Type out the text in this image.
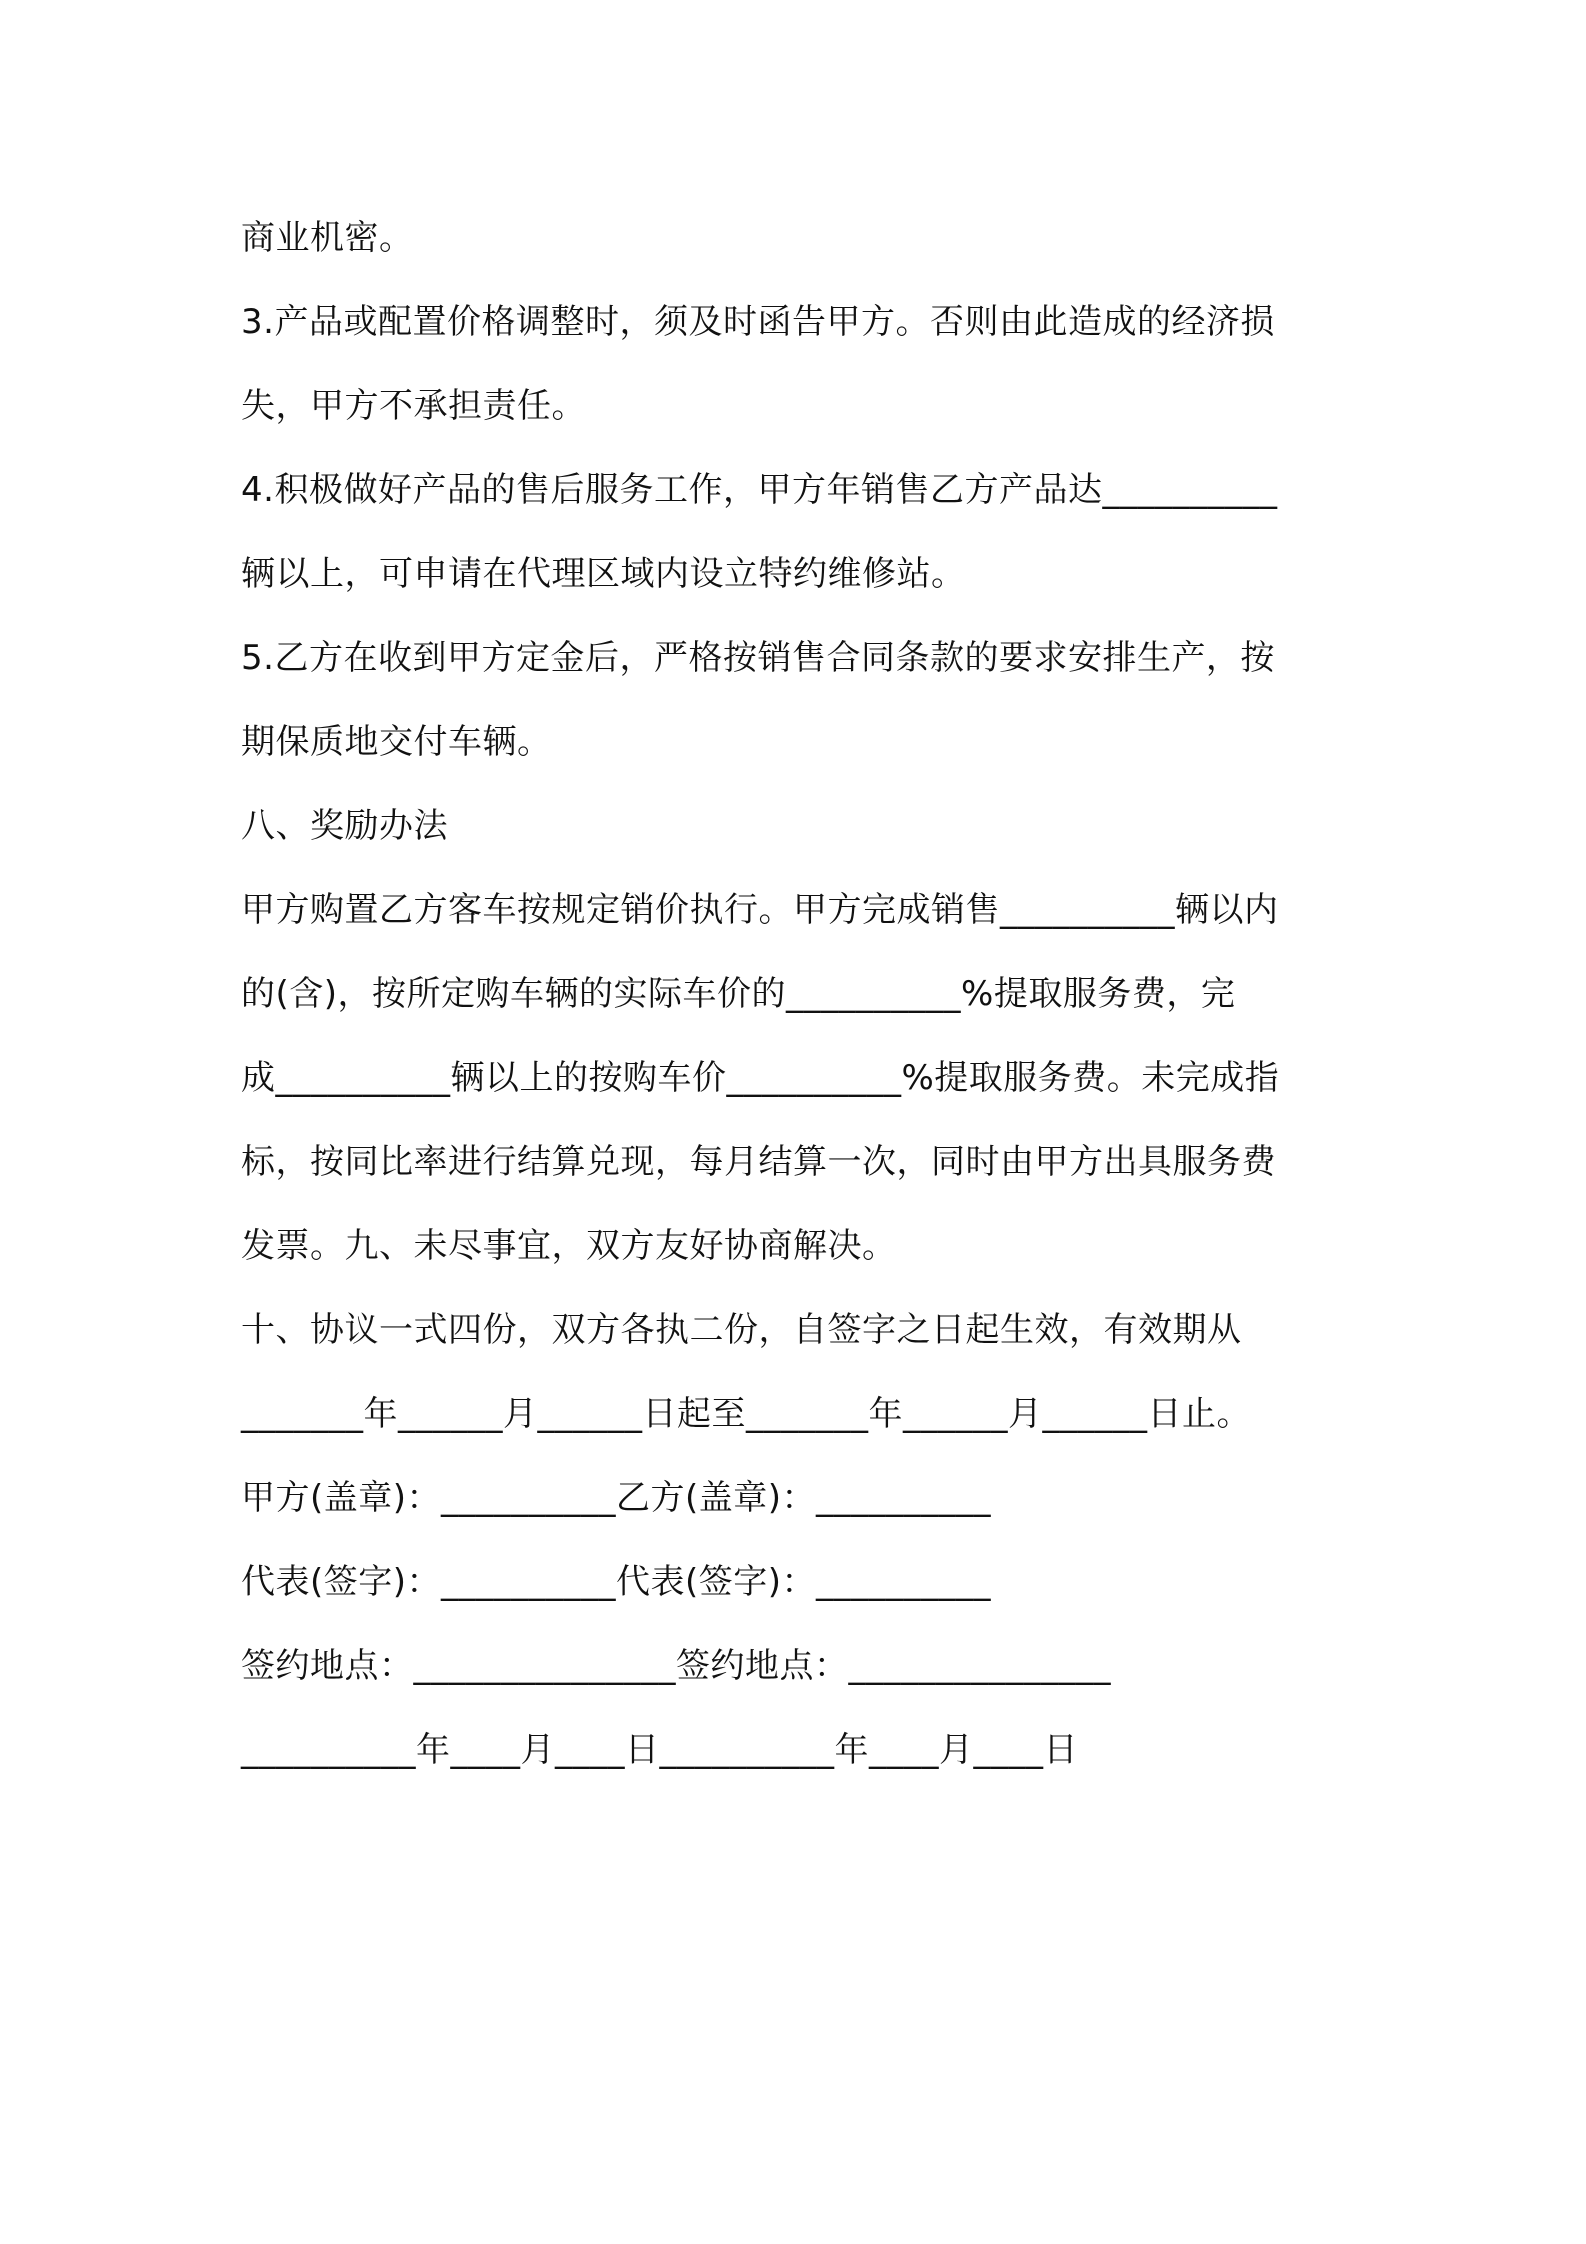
商业机密。
3.产品或配置价格调整时，须及时函告甲方。否则由此造成的经济损
失，甲方不承担责任。
4.积极做好产品的售后服务工作，甲方年销售乙方产品达__________
辆以上，可申请在代理区域内设立特约维修站。
5.乙方在收到甲方定金后，严格按销售合同条款的要求安排生产，按
期保质地交付车辆。
八、奖励办法
甲方购置乙方客车按规定销价执行。甲方完成销售__________辆以内
的(含)，按所定购车辆的实际车价的__________%提取服务费，完
成__________辆以上的按购车价__________%提取服务费。未完成指
标，按同比率进行结算兑现，每月结算一次，同时由甲方出具服务费
发票。九、未尽事宜，双方友好协商解决。
十、协议一式四份，双方各执二份，自签字之日起生效，有效期从
_______年______月______日起至_______年______月______日止。
甲方(盖章)：__________乙方(盖章)：__________
代表(签字)：__________代表(签字)：__________
签约地点：_______________签约地点：_______________
__________年____月____日__________年____月____日
